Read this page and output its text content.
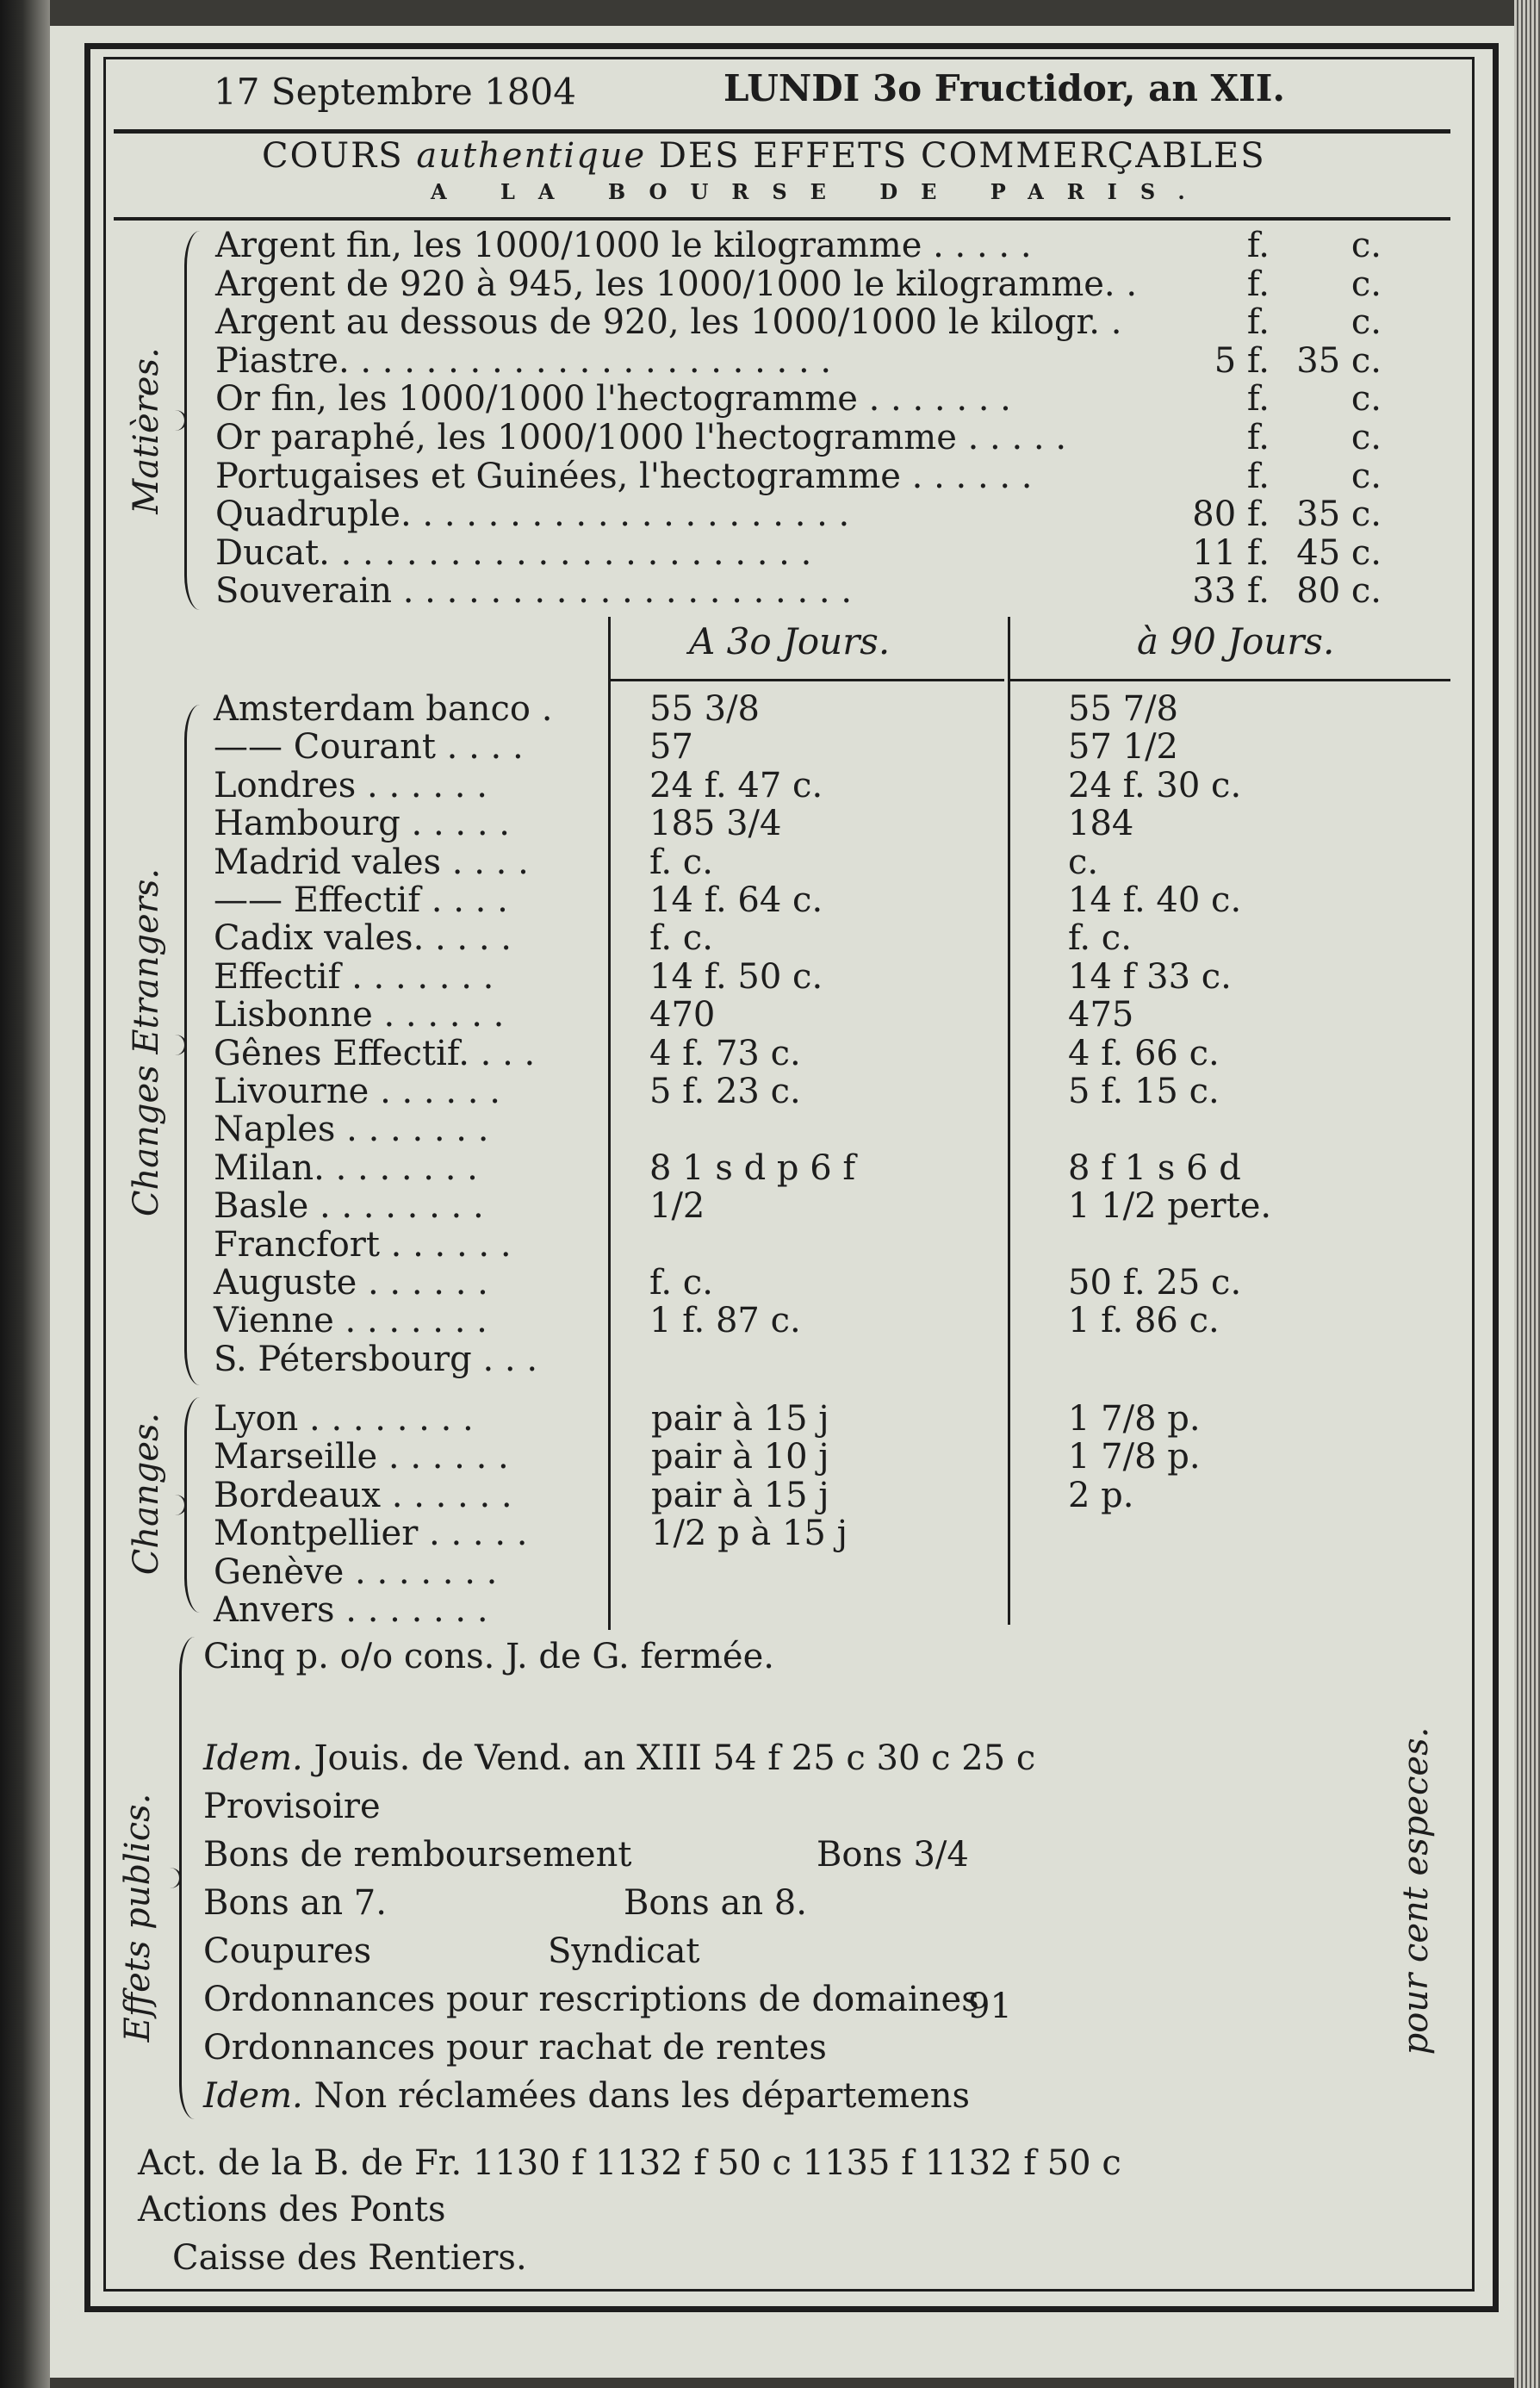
17 Septembre 1804	LUNDI 3o Fructidor, an XII.
COURS authentique DES EFFETS COMMERÇABLES
A LA BOURSE DE PARIS.
Matières.
Argent fin, les 1000/1000 le kilogramme . . . . .	f. c.
Argent de 920 à 945, les 1000/1000 le kilogramme. .	f. c.
Argent au dessous de 920, les 1000/1000 le kilogr. .	f. c.
Piastre. . . . . . . . . . . . . . . . . . . . . . .	5 f. 35 c.
Or fin, les 1000/1000 l'hectogramme . . . . . . .	f. c.
Or paraphé, les 1000/1000 l'hectogramme . . . . .	f. c.
Portugaises et Guinées, l'hectogramme . . . . . .	f. c.
Quadruple. . . . . . . . . . . . . . . . . . . . .	80 f. 35 c.
Ducat. . . . . . . . . . . . . . . . . . . . . . .	11 f. 45 c.
Souverain . . . . . . . . . . . . . . . . . . . . .	33 f. 80 c.
A 3o Jours.	à 90 Jours.
Changes Etrangers.
Amsterdam banco .	55 3/8	55 7/8
—— Courant . . . .	57	57 1/2
Londres . . . . . .	24 f. 47 c.	24 f. 30 c.
Hambourg . . . . .	185 3/4	184
Madrid vales . . . .	f. c.	c.
—— Effectif . . . .	14 f. 64 c.	14 f. 40 c.
Cadix vales. . . . .	f. c.	f. c.
Effectif . . . . . . .	14 f. 50 c.	14 f 33 c.
Lisbonne . . . . . .	470	475
Gênes Effectif. . . .	4 f. 73 c.	4 f. 66 c.
Livourne . . . . . .	5 f. 23 c.	5 f. 15 c.
Naples . . . . . . .
Milan. . . . . . . .	8 1 s d p 6 f	8 f 1 s 6 d
Basle . . . . . . . .	1/2	1 1/2 perte.
Francfort . . . . . .
Auguste . . . . . .	f. c.	50 f. 25 c.
Vienne . . . . . . .	1 f. 87 c.	1 f. 86 c.
S. Pétersbourg . . .
Changes. Lyon . . . . . . . .	pair à 15 j	1 7/8 p.
Marseille . . . . . .	pair à 10 j	1 7/8 p.
Bordeaux . . . . . .	pair à 15 j	2 p.
Montpellier . . . . .	1/2 p à 15 j
Genève . . . . . . .
Anvers . . . . . . .
Effets publics.	pour cent especes.
Cinq p. o/o cons. J. de G. fermée.
Idem. Jouis. de Vend. an XIII 54 f 25 c 30 c 25 c
Provisoire
Bons de remboursement	Bons 3/4
Bons an 7.	Bons an 8.
Coupures	Syndicat
Ordonnances pour rescriptions de domaines
91
Ordonnances pour rachat de rentes
Idem. Non réclamées dans les départemens
Act. de la B. de Fr. 1130 f 1132 f 50 c 1135 f 1132 f 50 c
Actions des Ponts
Caisse des Rentiers.
